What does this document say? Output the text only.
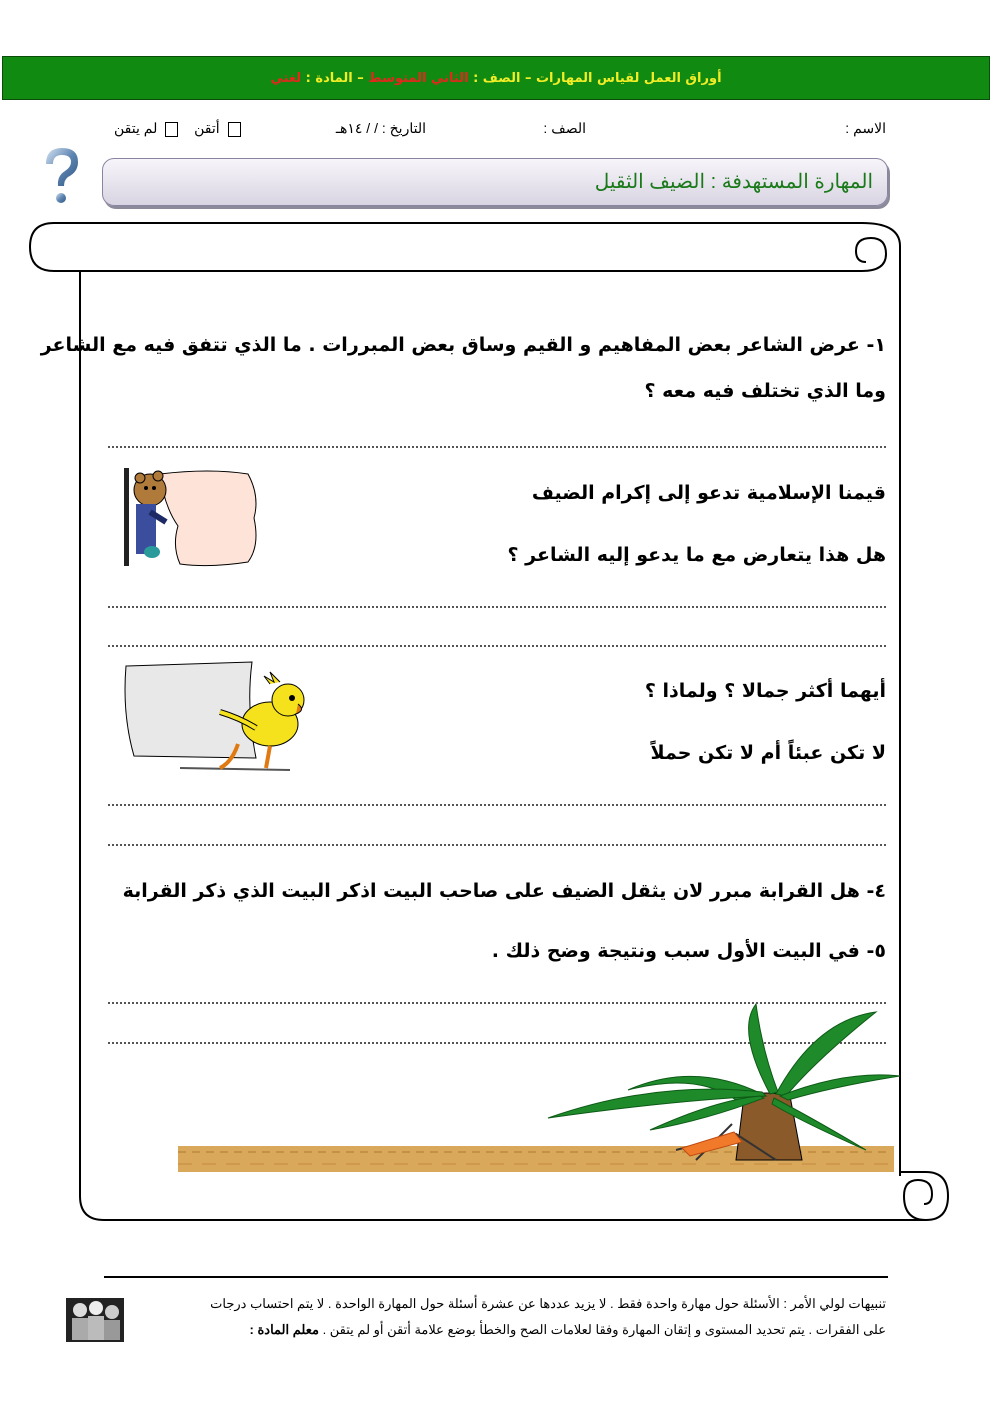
أوراق العمل لقياس المهارات – الصف : الثاني المتوسط – المادة : لغتي
الاسم :
الصف :
التاريخ : / / ١٤هـ
أتقن  لم يتقن
المهارة المستهدفة : الضيف الثقيل
١- عرض الشاعر بعض المفاهيم و القيم وساق بعض المبررات . ما الذي تتفق فيه مع الشاعر
وما الذي تختلف فيه معه ؟
قيمنا الإسلامية تدعو إلى إكرام الضيف
هل هذا يتعارض مع ما يدعو إليه الشاعر ؟
أيهما أكثر جمالا ؟ ولماذا ؟
لا تكن عبئاً أم لا تكن حملاً
٤- هل القرابة مبرر لان يثقل الضيف على صاحب البيت اذكر البيت الذي ذكر القرابة
٥- في البيت الأول سبب ونتيجة وضح ذلك .
تنبيهات لولي الأمر : الأسئلة حول مهارة واحدة فقط . لا يزيد عددها عن عشرة أسئلة حول المهارة الواحدة . لا يتم احتساب درجات
على الفقرات . يتم تحديد المستوى و إتقان المهارة وفقا لعلامات الصح والخطأ بوضع علامة أتقن أو لم يتقن . معلم المادة :
